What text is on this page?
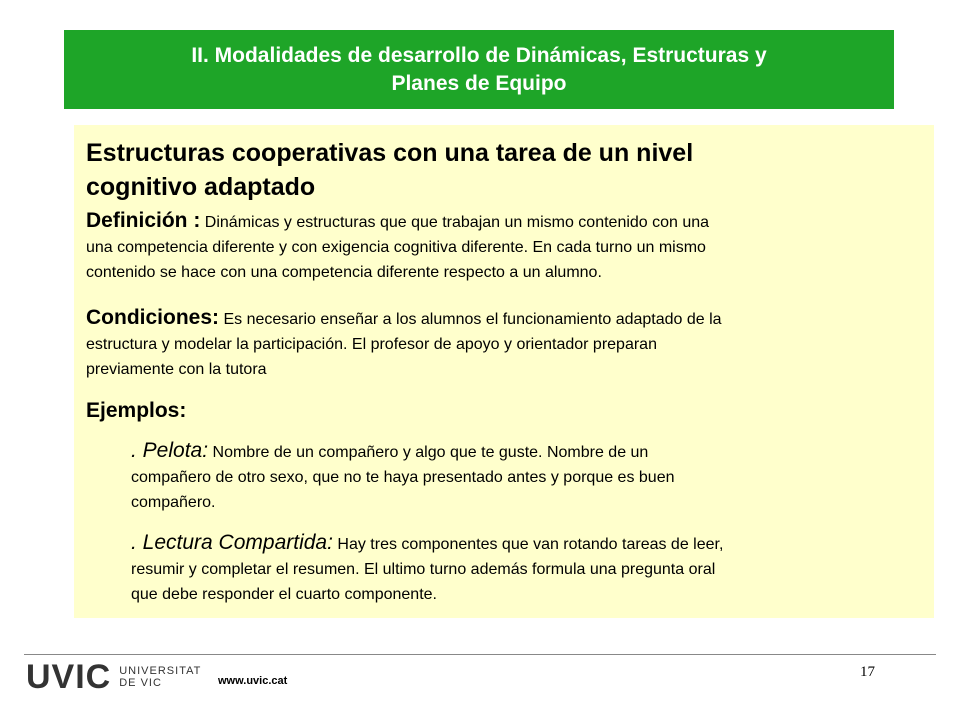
II. Modalidades de desarrollo de Dinámicas, Estructuras y
Planes de Equipo
Estructuras cooperativas con una tarea de un nivel
cognitivo adaptado
Definición : Dinámicas y estructuras que que trabajan un mismo contenido con una
una competencia diferente y con exigencia cognitiva diferente. En cada turno un mismo
contenido se hace con una competencia diferente respecto a un alumno.
Condiciones: Es necesario enseñar a los alumnos el funcionamiento adaptado de la
estructura y modelar la participación. El profesor de apoyo y orientador preparan
previamente con la tutora
Ejemplos:
. Pelota: Nombre de un compañero y algo que te guste. Nombre de un
compañero de otro sexo, que no te haya presentado antes y porque es buen
compañero.
. Lectura Compartida: Hay tres componentes que van rotando tareas de leer,
resumir y completar el resumen. El ultimo turno además formula una pregunta oral
que debe responder el cuarto componente.
UVIC UNIVERSITAT
DE VIC	www.uvic.cat
17
